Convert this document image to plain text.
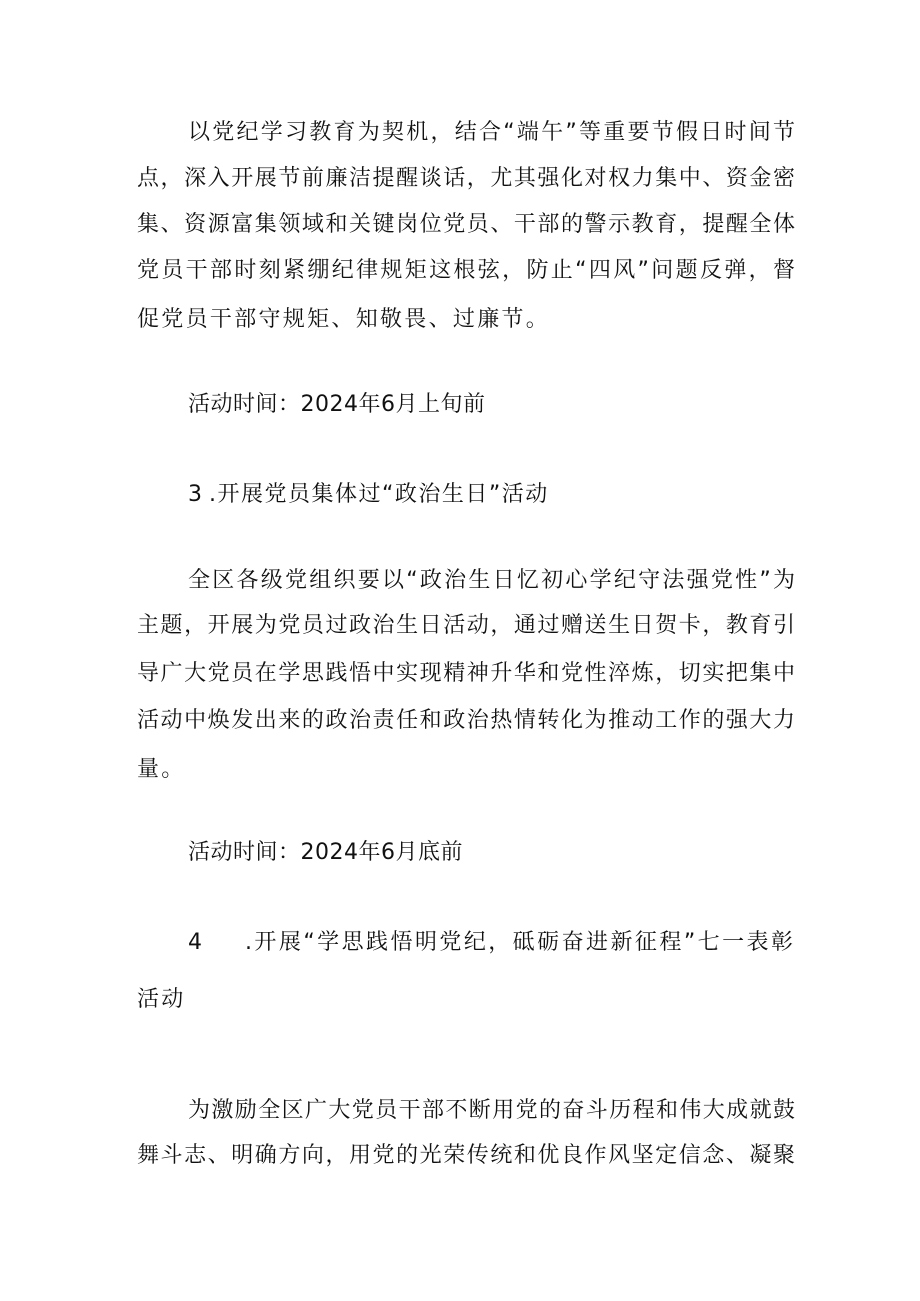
以党纪学习教育为契机，结合“端午”等重要节假日时间节
点，深入开展节前廉洁提醒谈话，尤其强化对权力集中、资金密
集、资源富集领域和关键岗位党员、干部的警示教育，提醒全体
党员干部时刻紧绷纪律规矩这根弦，防止“四风”问题反弹，督
促党员干部守规矩、知敬畏、过廉节。
活动时间：2024年6月上旬前
3 .开展党员集体过“政治生日”活动
全区各级党组织要以“政治生日忆初心学纪守法强党性”为
主题，开展为党员过政治生日活动，通过赠送生日贺卡，教育引
导广大党员在学思践悟中实现精神升华和党性淬炼，切实把集中
活动中焕发出来的政治责任和政治热情转化为推动工作的强大力
量。
活动时间：2024年6月底前
4 .开展“学思践悟明党纪，砥砺奋进新征程”七一表彰
活动
为激励全区广大党员干部不断用党的奋斗历程和伟大成就鼓
舞斗志、明确方向，用党的光荣传统和优良作风坚定信念、凝聚
